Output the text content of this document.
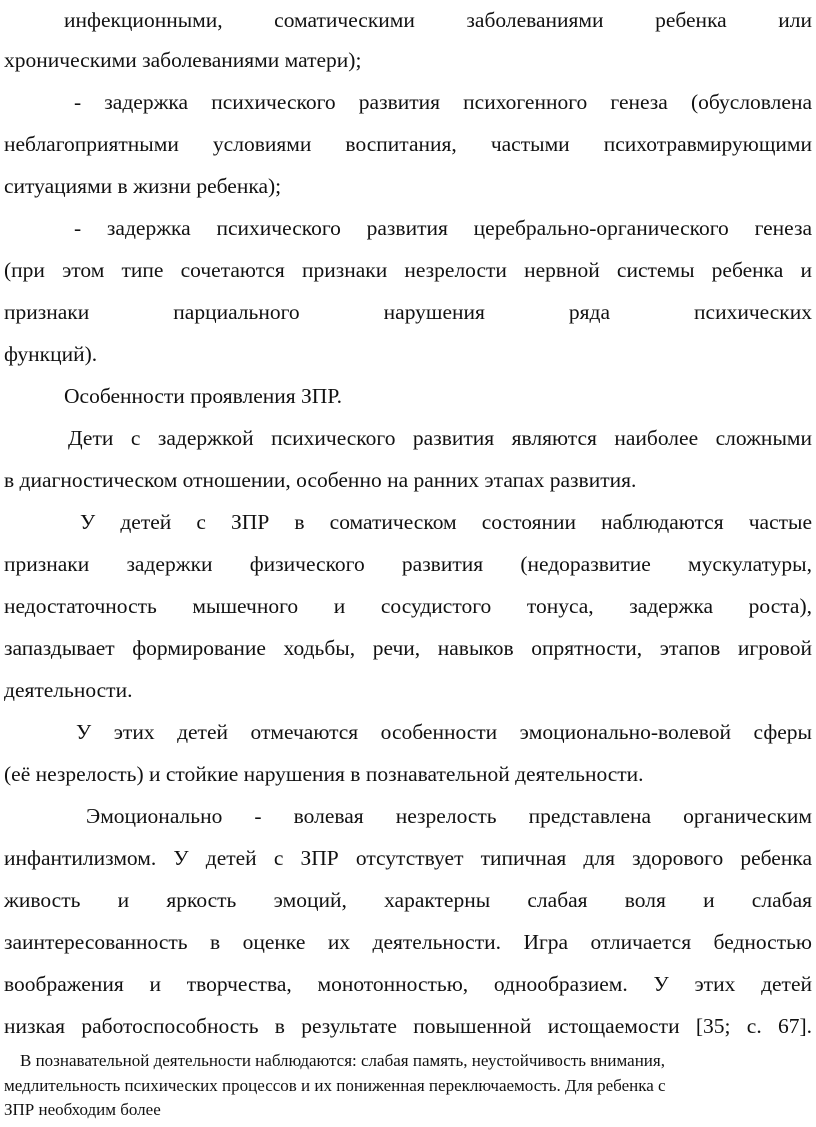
инфекционными, соматическими заболеваниями ребенка или
хроническими заболеваниями матери);
- задержка психического развития психогенного генеза (обусловлена
неблагоприятными условиями воспитания, частыми психотравмирующими
ситуациями в жизни ребенка);
- задержка психического развития церебрально-органического генеза
(при этом типе сочетаются признаки незрелости нервной системы ребенка и
признаки парциального нарушения ряда психических
функций).
Особенности проявления ЗПР.
Дети с задержкой психического развития являются наиболее сложными
в диагностическом отношении, особенно на ранних этапах развития.
У детей с ЗПР в соматическом состоянии наблюдаются частые
признаки задержки физического развития (недоразвитие мускулатуры,
недостаточность мышечного и сосудистого тонуса, задержка роста),
запаздывает формирование ходьбы, речи, навыков опрятности, этапов игровой
деятельности.
У этих детей отмечаются особенности эмоционально-волевой сферы
(её незрелость) и стойкие нарушения в познавательной деятельности.
Эмоционально - волевая незрелость представлена органическим
инфантилизмом. У детей с ЗПР отсутствует типичная для здорового ребенка
живость и яркость эмоций, характерны слабая воля и слабая
заинтересованность в оценке их деятельности. Игра отличается бедностью
воображения и творчества, монотонностью, однообразием. У этих детей
низкая работоспособность в результате повышенной истощаемости [35; с. 67].
В познавательной деятельности наблюдаются: слабая память, неустойчивость внимания,
медлительность психических процессов и их пониженная переключаемость. Для ребенка с
ЗПР необходим более
